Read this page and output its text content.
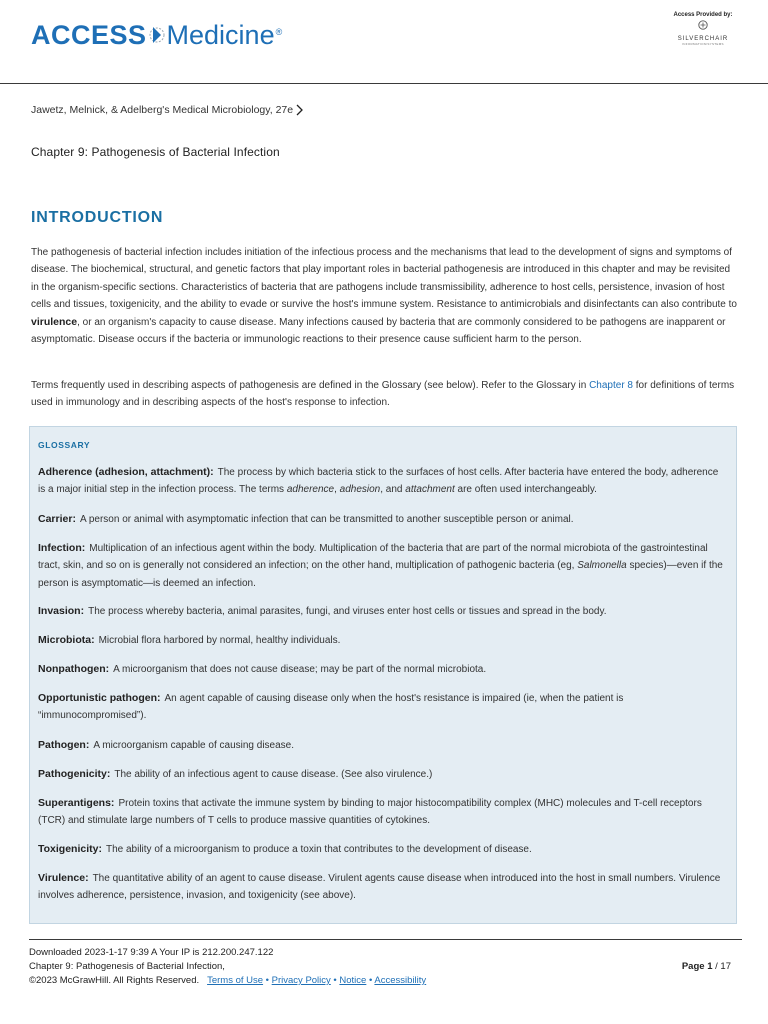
ACCESS Medicine ®
Access Provided by:
SILVERCHAIR
INFORMATION/SYSTEMS
Jawetz, Melnick, & Adelberg's Medical Microbiology, 27e
Chapter 9: Pathogenesis of Bacterial Infection
INTRODUCTION
The pathogenesis of bacterial infection includes initiation of the infectious process and the mechanisms that lead to the development of signs and symptoms of disease. The biochemical, structural, and genetic factors that play important roles in bacterial pathogenesis are introduced in this chapter and may be revisited in the organism-specific sections. Characteristics of bacteria that are pathogens include transmissibility, adherence to host cells, persistence, invasion of host cells and tissues, toxigenicity, and the ability to evade or survive the host's immune system. Resistance to antimicrobials and disinfectants can also contribute to virulence, or an organism's capacity to cause disease. Many infections caused by bacteria that are commonly considered to be pathogens are inapparent or asymptomatic. Disease occurs if the bacteria or immunologic reactions to their presence cause sufficient harm to the person.
Terms frequently used in describing aspects of pathogenesis are defined in the Glossary (see below). Refer to the Glossary in Chapter 8 for definitions of terms used in immunology and in describing aspects of the host's response to infection.
GLOSSARY
Adherence (adhesion, attachment): The process by which bacteria stick to the surfaces of host cells. After bacteria have entered the body, adherence is a major initial step in the infection process. The terms adherence, adhesion, and attachment are often used interchangeably.
Carrier: A person or animal with asymptomatic infection that can be transmitted to another susceptible person or animal.
Infection: Multiplication of an infectious agent within the body. Multiplication of the bacteria that are part of the normal microbiota of the gastrointestinal tract, skin, and so on is generally not considered an infection; on the other hand, multiplication of pathogenic bacteria (eg, Salmonella species)—even if the person is asymptomatic—is deemed an infection.
Invasion: The process whereby bacteria, animal parasites, fungi, and viruses enter host cells or tissues and spread in the body.
Microbiota: Microbial flora harbored by normal, healthy individuals.
Nonpathogen: A microorganism that does not cause disease; may be part of the normal microbiota.
Opportunistic pathogen: An agent capable of causing disease only when the host's resistance is impaired (ie, when the patient is “immunocompromised”).
Pathogen: A microorganism capable of causing disease.
Pathogenicity: The ability of an infectious agent to cause disease. (See also virulence.)
Superantigens: Protein toxins that activate the immune system by binding to major histocompatibility complex (MHC) molecules and T-cell receptors (TCR) and stimulate large numbers of T cells to produce massive quantities of cytokines.
Toxigenicity: The ability of a microorganism to produce a toxin that contributes to the development of disease.
Virulence: The quantitative ability of an agent to cause disease. Virulent agents cause disease when introduced into the host in small numbers. Virulence involves adherence, persistence, invasion, and toxigenicity (see above).
Downloaded 2023-1-17 9:39 A Your IP is 212.200.247.122
Chapter 9: Pathogenesis of Bacterial Infection,
©2023 McGrawHill. All Rights Reserved. Terms of Use • Privacy Policy • Notice • Accessibility
Page 1 / 17
